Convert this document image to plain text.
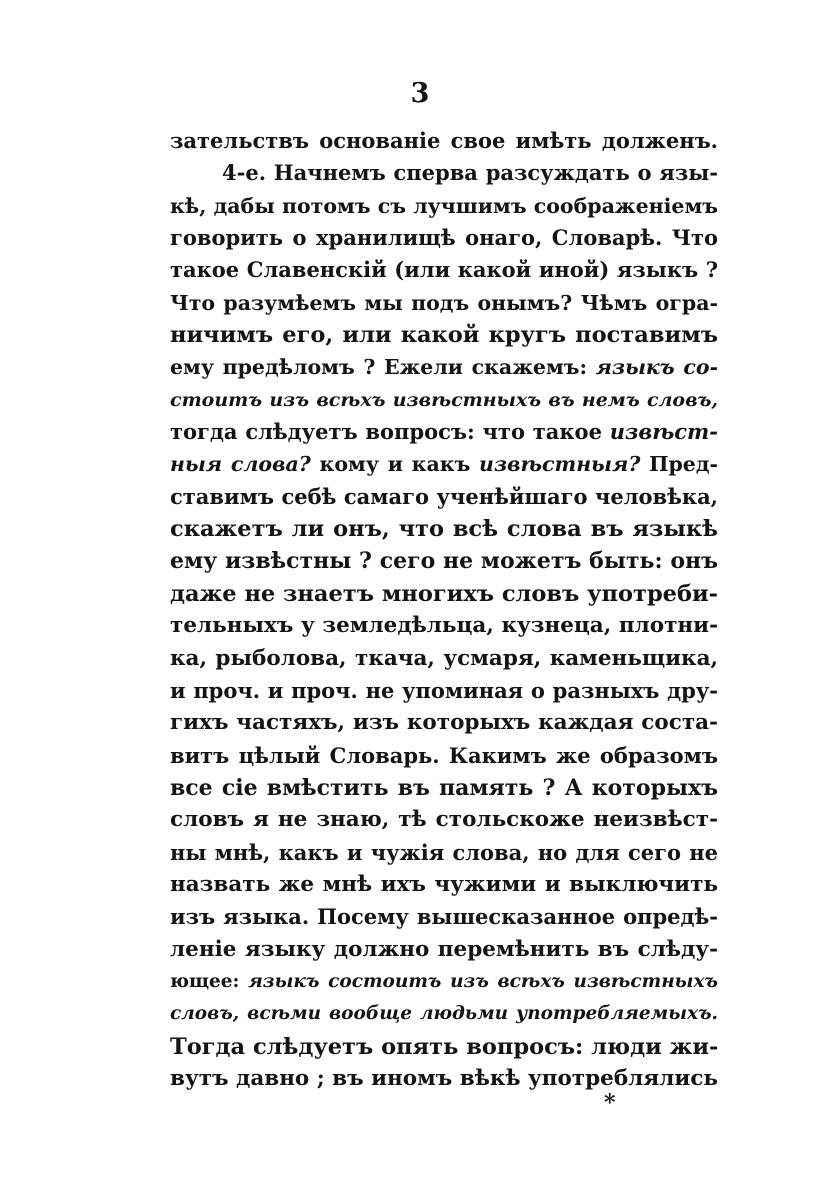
3
зательствъ основаніе свое имѣть долженъ.
4-е. Начнемъ сперва разсуждать о язы-
кѣ, дабы потомъ съ лучшимъ соображеніемъ
говорить о хранилищѣ онаго, Словарѣ. Что
такое Славенскій (или какой иной) языкъ ?
Что разумѣемъ мы подъ онымъ? Чѣмъ огра-
ничимъ его, или какой кругъ поставимъ
ему предѣломъ ? Ежели скажемъ: языкъ со-
стоитъ изъ всѣхъ извѣстныхъ въ немъ словъ,
тогда слѣдуетъ вопросъ: что такое извѣст-
ныя слова? кому и какъ извѣстныя? Пред-
ставимъ себѣ самаго ученѣйшаго человѣка,
скажетъ ли онъ, что всѣ слова въ языкѣ
ему извѣстны ? сего не можетъ быть: онъ
даже не знаетъ многихъ словъ употреби-
тельныхъ у земледѣльца, кузнеца, плотни-
ка, рыболова, ткача, усмаря, каменьщика,
и проч. и проч. не упоминая о разныхъ дру-
гихъ частяхъ, изъ которыхъ каждая соста-
витъ цѣлый Словарь. Какимъ же образомъ
все сіе вмѣстить въ память ? А которыхъ
словъ я не знаю, тѣ стольскоже неизвѣст-
ны мнѣ, какъ и чужія слова, но для сего не
назвать же мнѣ ихъ чужими и выключить
изъ языка. Посему вышесказанное опредѣ-
леніе языку должно перемѣнить въ слѣду-
ющее: языкъ состоитъ изъ всѣхъ извѣстныхъ
словъ, всѣми вообще людьми употребляемыхъ.
Тогда слѣдуетъ опять вопросъ: люди жи-
вутъ давно ; въ иномъ вѣкѣ употреблялись
*
